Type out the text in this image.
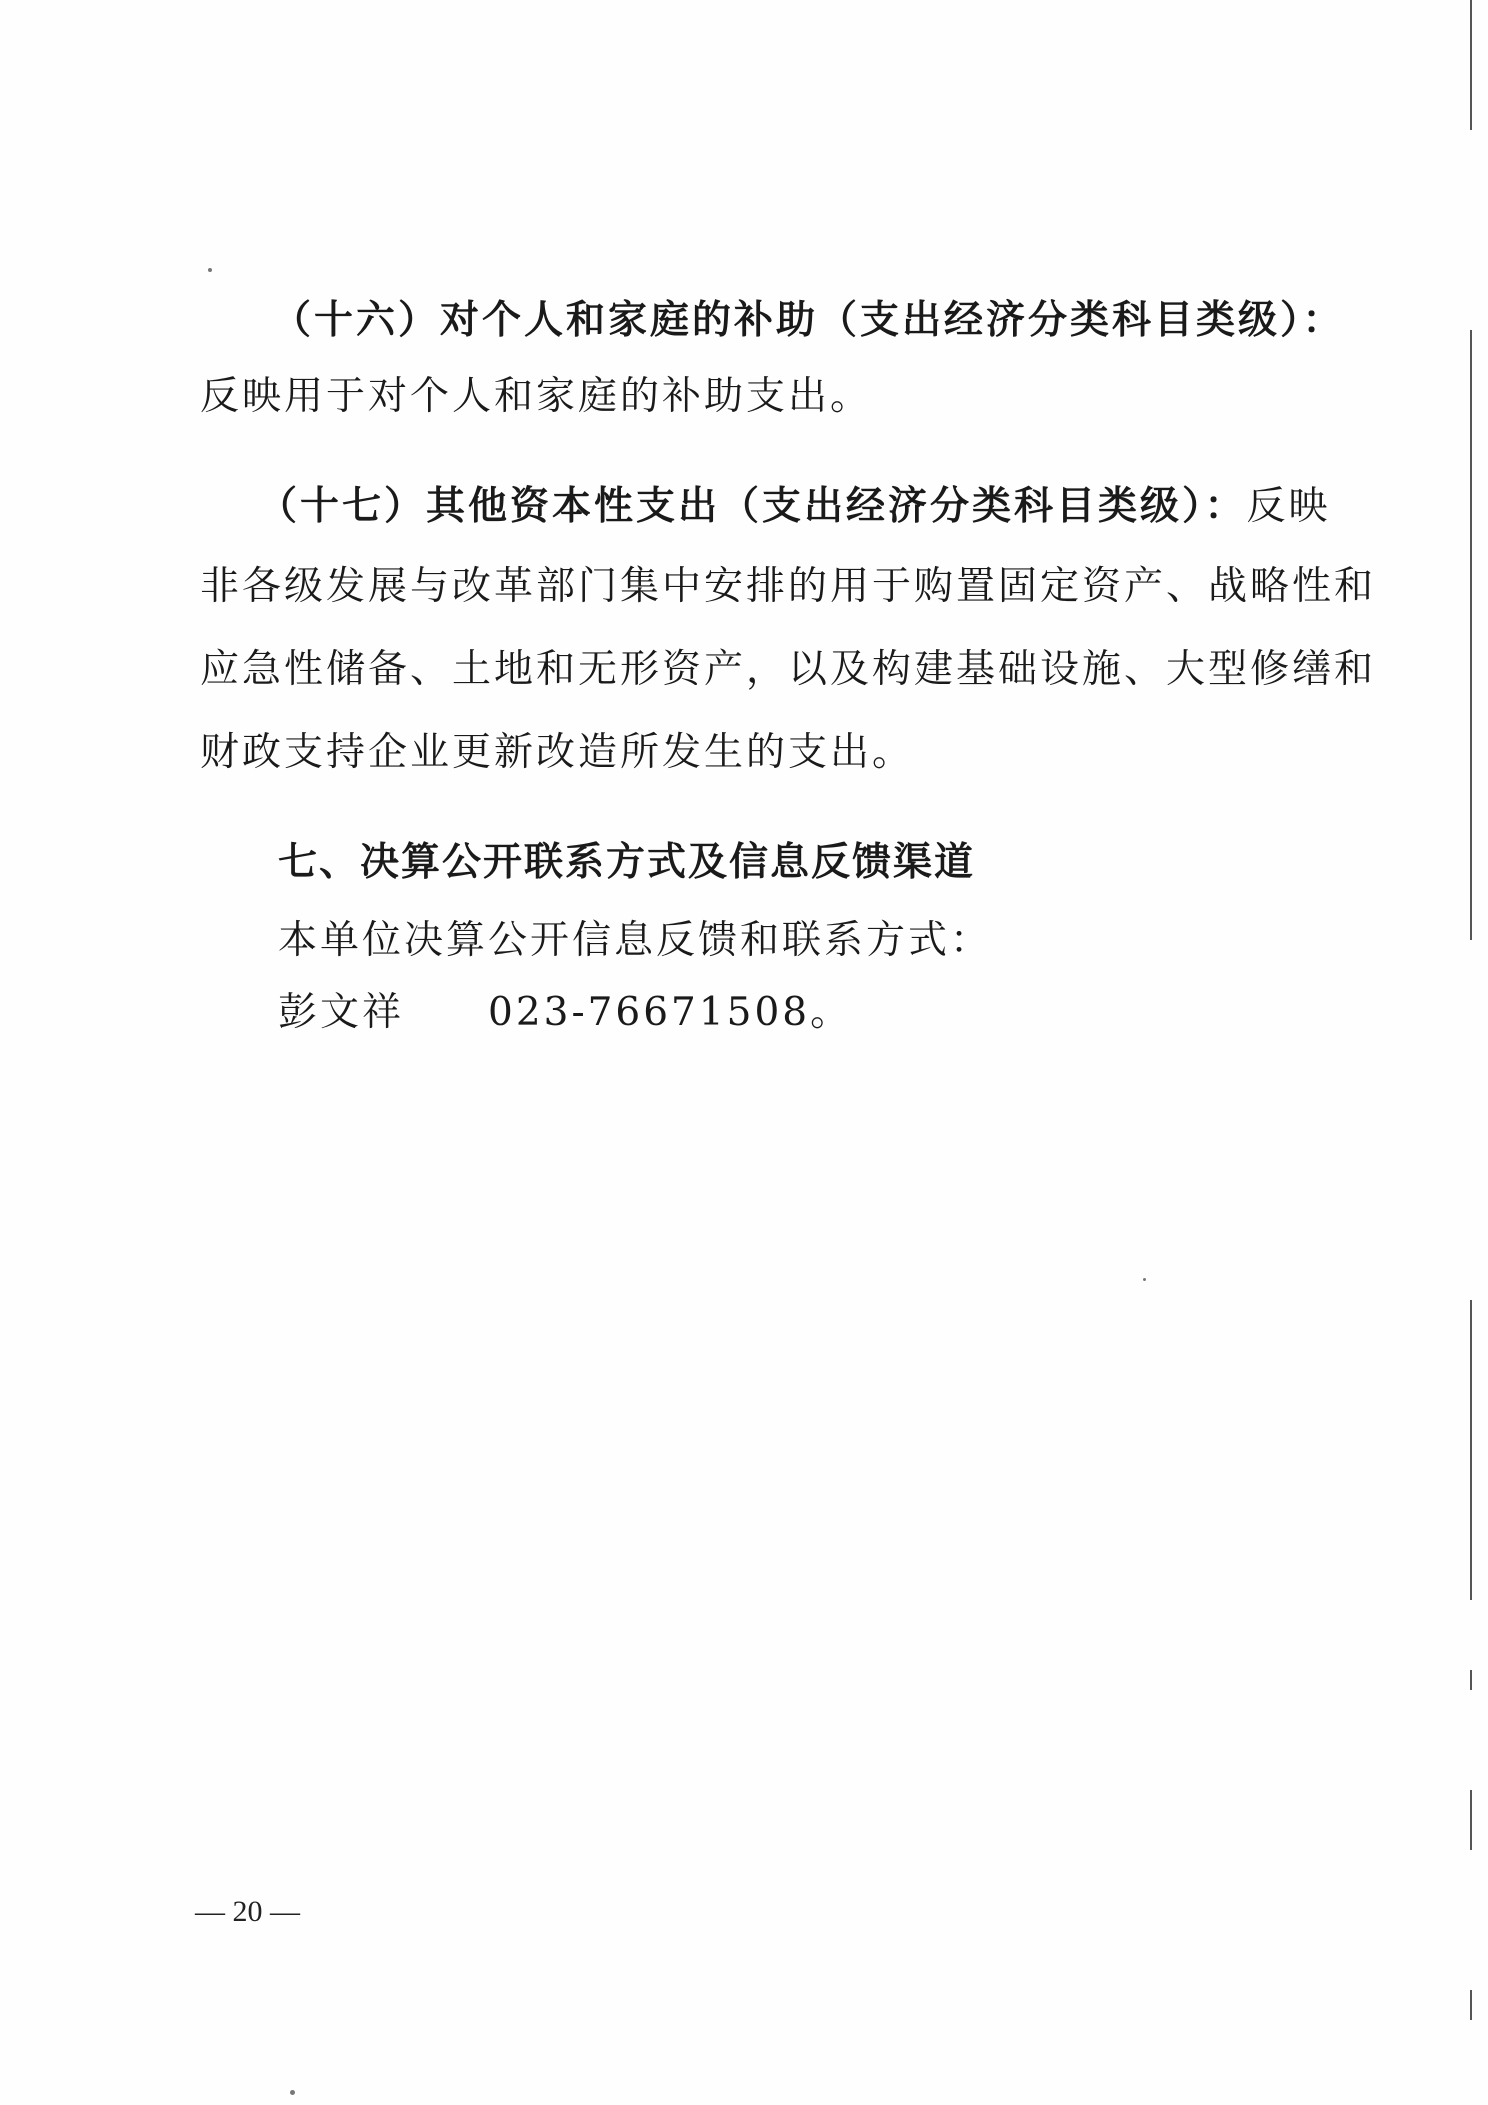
（十六）对个人和家庭的补助（支出经济分类科目类级）：
反映用于对个人和家庭的补助支出。
（十七）其他资本性支出（支出经济分类科目类级）：反映
非各级发展与改革部门集中安排的用于购置固定资产、战略性和
应急性储备、土地和无形资产，以及构建基础设施、大型修缮和
财政支持企业更新改造所发生的支出。
七、决算公开联系方式及信息反馈渠道
本单位决算公开信息反馈和联系方式：
彭文祥 023-76671508。
— 20 —
